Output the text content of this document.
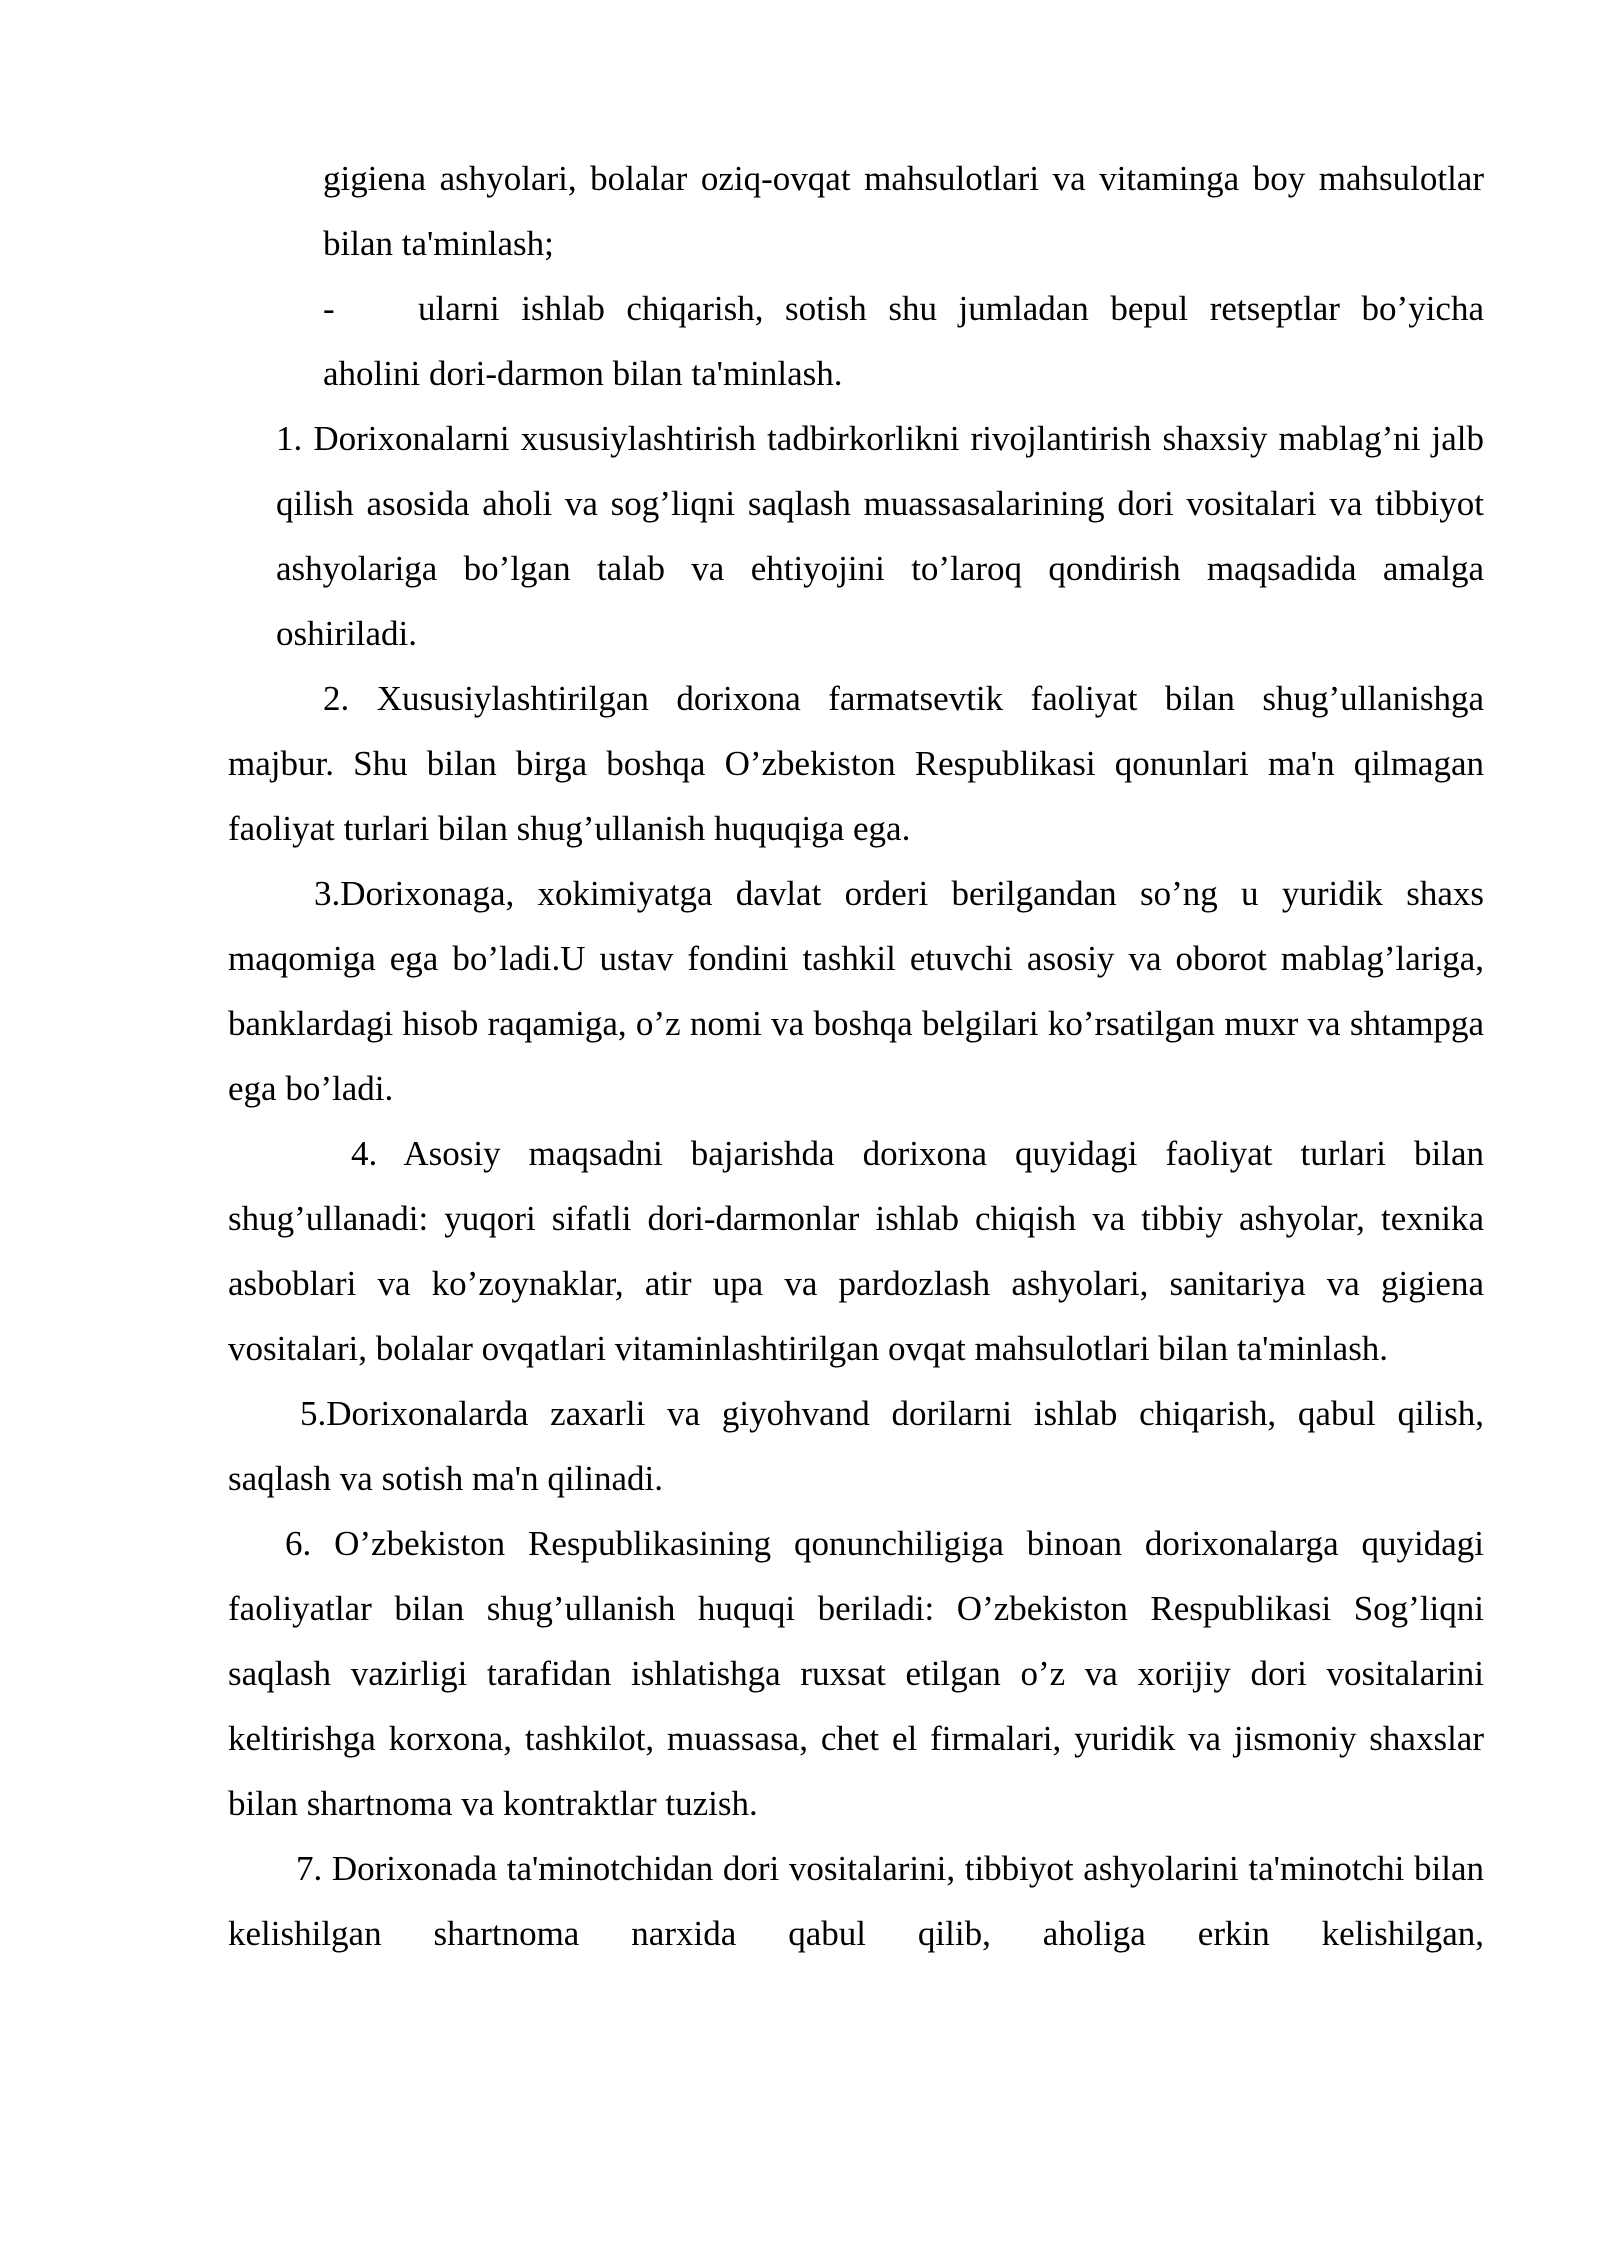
gigiena ashyolari, bolalar oziq-ovqat mahsulotlari va vitaminga boy mahsulotlar bilan ta'minlash;

- ularni ishlab chiqarish, sotish shu jumladan bepul retseptlar bo’yicha aholini dori-darmon bilan ta'minlash.

1. Dorixonalarni xususiylashtirish tadbirkorlikni rivojlantirish shaxsiy mablag’ni jalb qilish asosida aholi va sog’liqni saqlash muassasalarining dori vositalari va tibbiyot ashyolariga bo’lgan talab va ehtiyojini to’laroq qondirish maqsadida amalga oshiriladi.

2. Xususiylashtirilgan dorixona farmatsevtik faoliyat bilan shug’ullanishga majbur. Shu bilan birga boshqa O’zbekiston Respublikasi qonunlari ma'n qilmagan faoliyat turlari bilan shug’ullanish huquqiga ega.

3.Dorixonaga, xokimiyatga davlat orderi berilgandan so’ng u yuridik shaxs maqomiga ega bo’ladi.U ustav fondini tashkil etuvchi asosiy va oborot mablag’lariga, banklardagi hisob raqamiga, o’z nomi va boshqa belgilari ko’rsatilgan muxr va shtampga ega bo’ladi.

4. Asosiy maqsadni bajarishda dorixona quyidagi faoliyat turlari bilan shug’ullanadi: yuqori sifatli dori-darmonlar ishlab chiqish va tibbiy ashyolar, texnika asboblari va ko’zoynaklar, atir upa va pardozlash ashyolari, sanitariya va gigiena vositalari, bolalar ovqatlari vitaminlashtirilgan ovqat mahsulotlari bilan ta'minlash.

5.Dorixonalarda zaxarli va giyohvand dorilarni ishlab chiqarish, qabul qilish, saqlash va sotish ma'n qilinadi.

6. O’zbekiston Respublikasining qonunchiligiga binoan dorixonalarga quyidagi faoliyatlar bilan shug’ullanish huquqi beriladi: O’zbekiston Respublikasi Sog’liqni saqlash vazirligi tarafidan ishlatishga ruxsat etilgan o’z va xorijiy dori vositalarini keltirishga korxona, tashkilot, muassasa, chet el firmalari, yuridik va jismoniy shaxslar bilan shartnoma va kontraktlar tuzish.

7. Dorixonada ta'minotchidan dori vositalarini, tibbiyot ashyolarini ta'minotchi bilan kelishilgan shartnoma narxida qabul qilib, aholiga erkin kelishilgan,
